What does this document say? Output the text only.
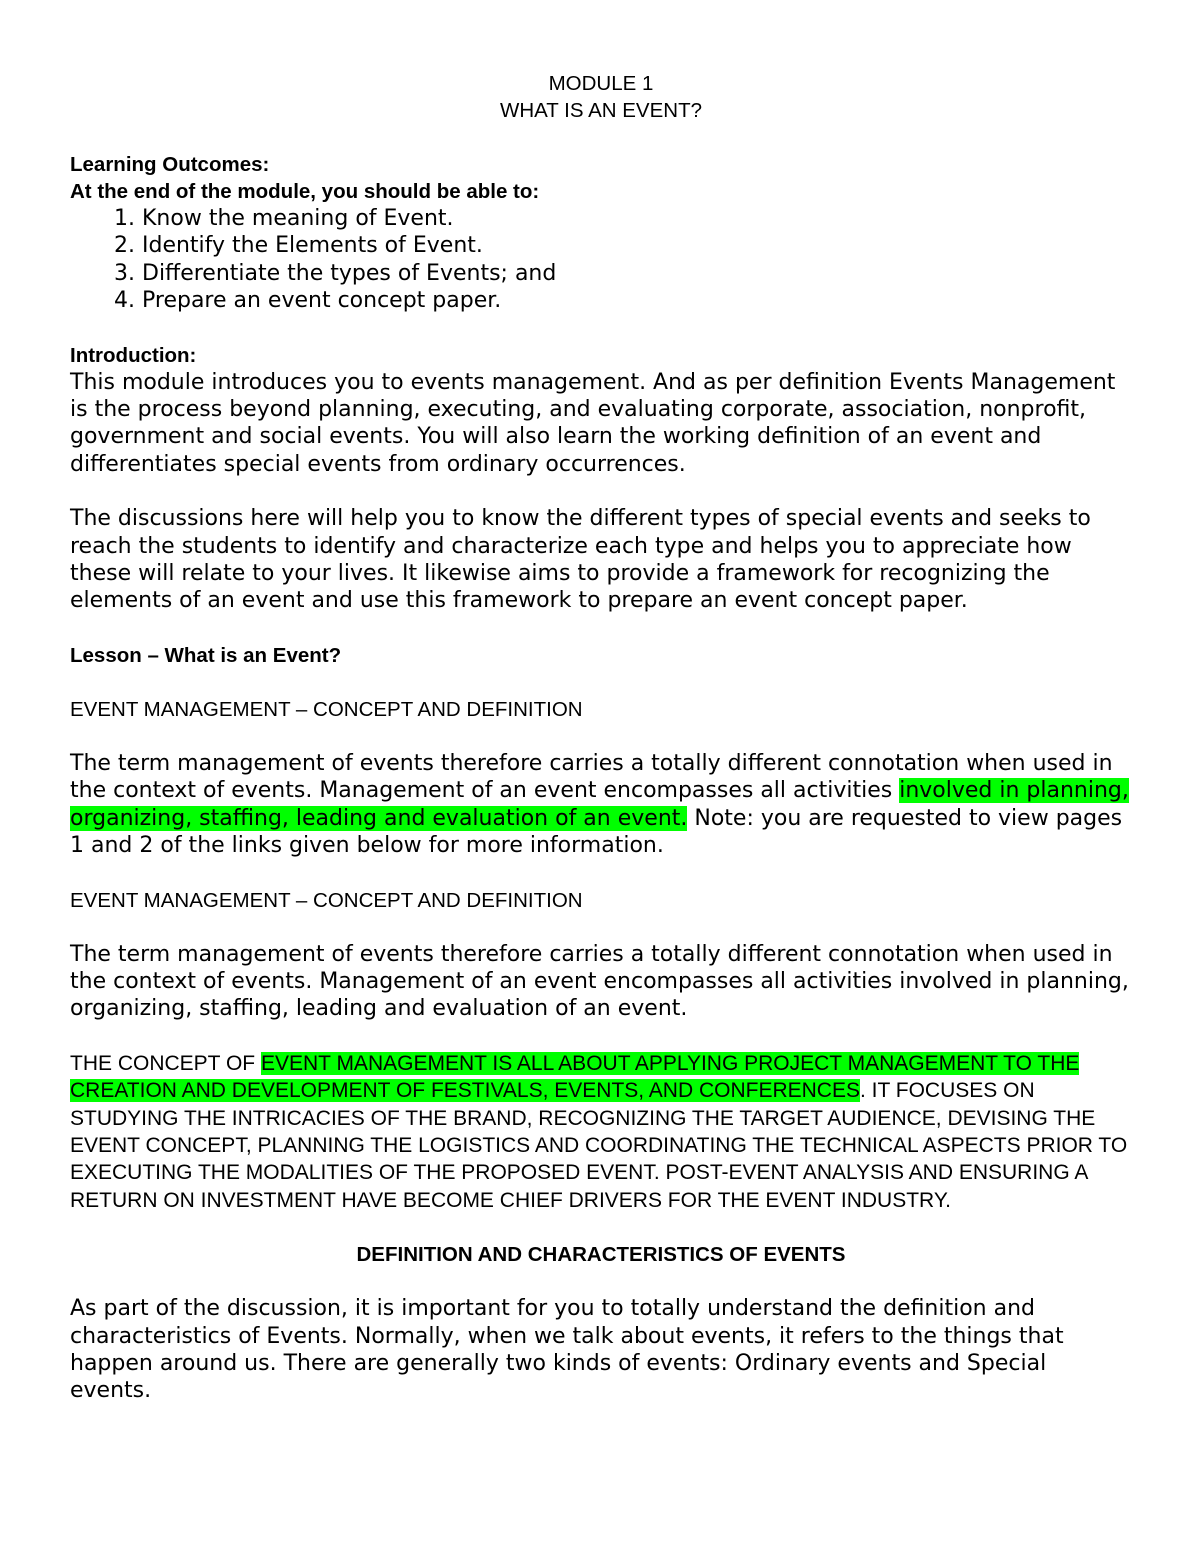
MODULE 1

WHAT IS AN EVENT?

Learning Outcomes:

At the end of the module, you should be able to:

1. Know the meaning of Event.
2. Identify the Elements of Event.
3. Differentiate the types of Events; and
4. Prepare an event concept paper.

Introduction:

This module introduces you to events management. And as per definition Events Management is the process beyond planning, executing, and evaluating corporate, association, nonprofit, government and social events. You will also learn the working definition of an event and differentiates special events from ordinary occurrences.

The discussions here will help you to know the different types of special events and seeks to reach the students to identify and characterize each type and helps you to appreciate how these will relate to your lives. It likewise aims to provide a framework for recognizing the elements of an event and use this framework to prepare an event concept paper.

Lesson – What is an Event?

EVENT MANAGEMENT – CONCEPT AND DEFINITION

The term management of events therefore carries a totally different connotation when used in the context of events. Management of an event encompasses all activities involved in planning, organizing, staffing, leading and evaluation of an event. Note: you are requested to view pages 1 and 2 of the links given below for more information.

EVENT MANAGEMENT – CONCEPT AND DEFINITION

The term management of events therefore carries a totally different connotation when used in the context of events. Management of an event encompasses all activities involved in planning, organizing, staffing, leading and evaluation of an event.

THE CONCEPT OF EVENT MANAGEMENT IS ALL ABOUT APPLYING PROJECT MANAGEMENT TO THE CREATION AND DEVELOPMENT OF FESTIVALS, EVENTS, AND CONFERENCES. IT FOCUSES ON STUDYING THE INTRICACIES OF THE BRAND, RECOGNIZING THE TARGET AUDIENCE, DEVISING THE EVENT CONCEPT, PLANNING THE LOGISTICS AND COORDINATING THE TECHNICAL ASPECTS PRIOR TO EXECUTING THE MODALITIES OF THE PROPOSED EVENT. POST-EVENT ANALYSIS AND ENSURING A RETURN ON INVESTMENT HAVE BECOME CHIEF DRIVERS FOR THE EVENT INDUSTRY.

DEFINITION AND CHARACTERISTICS OF EVENTS

As part of the discussion, it is important for you to totally understand the definition and characteristics of Events. Normally, when we talk about events, it refers to the things that happen around us. There are generally two kinds of events: Ordinary events and Special events.
